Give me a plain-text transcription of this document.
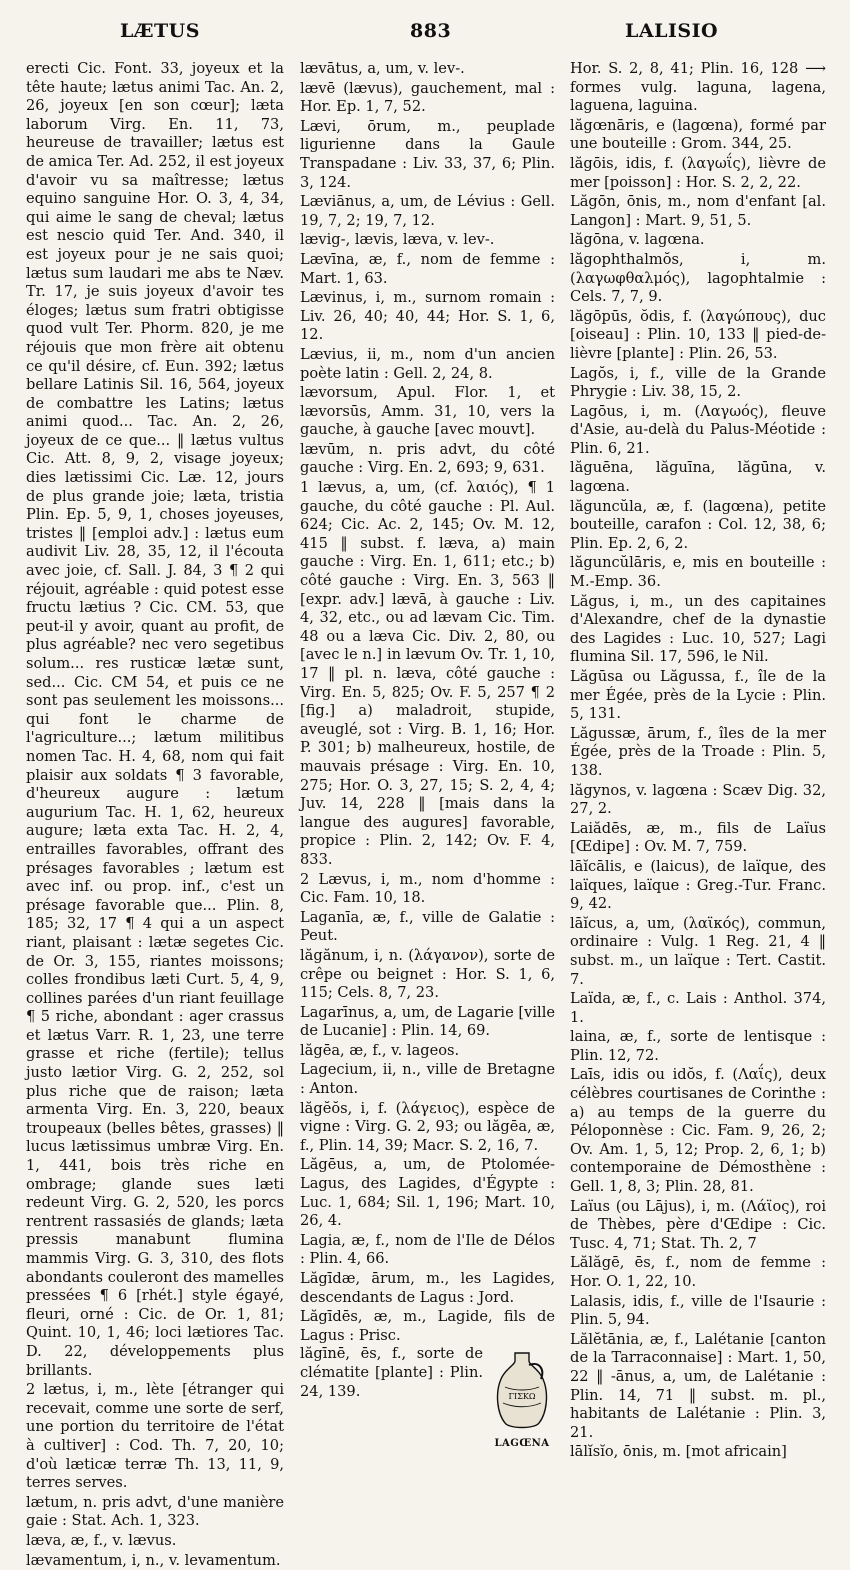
LÆTUS	883	LALISIO

erecti Cic. Font. 33, joyeux et la tête haute; lætus animi Tac. An. 2, 26, joyeux [en son cœur]; læta laborum Virg. En. 11, 73, heureuse de travailler; lætus est de amica Ter. Ad. 252, il est joyeux d'avoir vu sa maîtresse; lætus equino sanguine Hor. O. 3, 4, 34, qui aime le sang de cheval; lætus est nescio quid Ter. And. 340, il est joyeux pour je ne sais quoi; lætus sum laudari me abs te Næv. Tr. 17, je suis joyeux d'avoir tes éloges; lætus sum fratri obtigisse quod vult Ter. Phorm. 820, je me réjouis que mon frère ait obtenu ce qu'il désire, cf. Eun. 392; lætus bellare Latinis Sil. 16, 564, joyeux de combattre les Latins; lætus animi quod... Tac. An. 2, 26, joyeux de ce que... ‖ lætus vultus Cic. Att. 8, 9, 2, visage joyeux; dies lætissimi Cic. Læ. 12, jours de plus grande joie; læta, tristia Plin. Ep. 5, 9, 1, choses joyeuses, tristes ‖ [emploi adv.] : lætus eum audivit Liv. 28, 35, 12, il l'écouta avec joie, cf. Sall. J. 84, 3 ¶ 2 qui réjouit, agréable : quid potest esse fructu lætius ? Cic. CM. 53, que peut-il y avoir, quant au profit, de plus agréable? nec vero segetibus solum... res rusticæ lætæ sunt, sed... Cic. CM 54, et puis ce ne sont pas seulement les moissons... qui font le charme de l'agriculture...; lætum militibus nomen Tac. H. 4, 68, nom qui fait plaisir aux soldats ¶ 3 favorable, d'heureux augure : lætum augurium Tac. H. 1, 62, heureux augure; læta exta Tac. H. 2, 4, entrailles favorables, offrant des présages favorables ; lætum est avec inf. ou prop. inf., c'est un présage favorable que... Plin. 8, 185; 32, 17 ¶ 4 qui a un aspect riant, plaisant : lætæ segetes Cic. de Or. 3, 155, riantes moissons; colles frondibus læti Curt. 5, 4, 9, collines parées d'un riant feuillage ¶ 5 riche, abondant : ager crassus et lætus Varr. R. 1, 23, une terre grasse et riche (fertile); tellus justo lætior Virg. G. 2, 252, sol plus riche que de raison; læta armenta Virg. En. 3, 220, beaux troupeaux (belles bêtes, grasses) ‖ lucus lætissimus umbræ Virg. En. 1, 441, bois très riche en ombrage; glande sues læti redeunt Virg. G. 2, 520, les porcs rentrent rassasiés de glands; læta pressis manabunt flumina mammis Virg. G. 3, 310, des flots abondants couleront des mamelles pressées ¶ 6 [rhét.] style égayé, fleuri, orné : Cic. de Or. 1, 81; Quint. 10, 1, 46; loci lætiores Tac. D. 22, développements plus brillants.

2 lætus, i, m., lète [étranger qui recevait, comme une sorte de serf, une portion du territoire de l'état à cultiver] : Cod. Th. 7, 20, 10; d'où læticæ terræ Th. 13, 11, 9, terres serves.

lætum, n. pris advt, d'une manière gaie : Stat. Ach. 1, 323.

læva, æ, f., v. lævus.

lævamentum, i, n., v. levamentum.

lævātus, a, um, v. lev-.

lævē (lævus), gauchement, mal : Hor. Ep. 1, 7, 52.

Lævi, ōrum, m., peuplade ligurienne dans la Gaule Transpadane : Liv. 33, 37, 6; Plin. 3, 124.

Læviānus, a, um, de Lévius : Gell. 19, 7, 2; 19, 7, 12.

lævig-, lævis, læva, v. lev-.

Lævīna, æ, f., nom de femme : Mart. 1, 63.

Lævinus, i, m., surnom romain : Liv. 26, 40; 40, 44; Hor. S. 1, 6, 12.

Lævius, ii, m., nom d'un ancien poète latin : Gell. 2, 24, 8.

lævorsum, Apul. Flor. 1, et lævorsūs, Amm. 31, 10, vers la gauche, à gauche [avec mouvt].

lævūm, n. pris advt, du côté gauche : Virg. En. 2, 693; 9, 631.

1 lævus, a, um, (cf. λαιός), ¶ 1 gauche, du côté gauche : Pl. Aul. 624; Cic. Ac. 2, 145; Ov. M. 12, 415 ‖ subst. f. læva, a) main gauche : Virg. En. 1, 611; etc.; b) côté gauche : Virg. En. 3, 563 ‖ [expr. adv.] lævā, à gauche : Liv. 4, 32, etc., ou ad lævam Cic. Tim. 48 ou a læva Cic. Div. 2, 80, ou [avec le n.] in lævum Ov. Tr. 1, 10, 17 ‖ pl. n. læva, côté gauche : Virg. En. 5, 825; Ov. F. 5, 257 ¶ 2 [fig.] a) maladroit, stupide, aveuglé, sot : Virg. B. 1, 16; Hor. P. 301; b) malheureux, hostile, de mauvais présage : Virg. En. 10, 275; Hor. O. 3, 27, 15; S. 2, 4, 4; Juv. 14, 228 ‖ [mais dans la langue des augures] favorable, propice : Plin. 2, 142; Ov. F. 4, 833.

2 Lævus, i, m., nom d'homme : Cic. Fam. 10, 18.

Laganīa, æ, f., ville de Galatie : Peut.

lăgănum, i, n. (λάγανον), sorte de crêpe ou beignet : Hor. S. 1, 6, 115; Cels. 8, 7, 23.

Lagarīnus, a, um, de Lagarie [ville de Lucanie] : Plin. 14, 69.

lăgēa, æ, f., v. lageos.

Lagecium, ii, n., ville de Bretagne : Anton.

lăgĕŏs, i, f. (λάγειος), espèce de vigne : Virg. G. 2, 93; ou lăgēa, æ, f., Plin. 14, 39; Macr. S. 2, 16, 7.

Lăgēus, a, um, de Ptolomée-Lagus, des Lagides, d'Égypte : Luc. 1, 684; Sil. 1, 196; Mart. 10, 26, 4.

Lagia, æ, f., nom de l'Ile de Délos : Plin. 4, 66.

Lăgīdæ, ārum, m., les Lagides, descendants de Lagus : Jord.

Lăgīdēs, æ, m., Lagide, fils de Lagus : Prisc.

ΓΙΣΚΩ
LAGŒNA

lăgīnē, ēs, f., sorte de clématite [plante] : Plin. 24, 139.

Hor. S. 2, 8, 41; Plin. 16, 128 ⟶ formes vulg. laguna, lagena, laguena, laguina.

lăgœnāris, e (lagœna), formé par une bouteille : Grom. 344, 25.

lăgōis, idis, f. (λαγωΐς), lièvre de mer [poisson] : Hor. S. 2, 2, 22.

Lăgōn, ōnis, m., nom d'enfant [al. Langon] : Mart. 9, 51, 5.

lăgōna, v. lagœna.

lăgophthalmŏs, i, m. (λαγωφθαλμός), lagophtalmie : Cels. 7, 7, 9.

lăgōpūs, ŏdis, f. (λαγώπους), duc [oiseau] : Plin. 10, 133 ‖ pied-de-lièvre [plante] : Plin. 26, 53.

Lagŏs, i, f., ville de la Grande Phrygie : Liv. 38, 15, 2.

Lagōus, i, m. (Λαγωός), fleuve d'Asie, au-delà du Palus-Méotide : Plin. 6, 21.

lăguēna, lăguīna, lăgūna, v. lagœna.

lăguncŭla, æ, f. (lagœna), petite bouteille, carafon : Col. 12, 38, 6; Plin. Ep. 2, 6, 2.

lăguncŭlāris, e, mis en bouteille : M.-Emp. 36.

Lăgus, i, m., un des capitaines d'Alexandre, chef de la dynastie des Lagides : Luc. 10, 527; Lagi flumina Sil. 17, 596, le Nil.

Lăgūsa ou Lăgussa, f., île de la mer Égée, près de la Lycie : Plin. 5, 131.

Lăgussæ, ārum, f., îles de la mer Égée, près de la Troade : Plin. 5, 138.

lăgynos, v. lagœna : Scæv Dig. 32, 27, 2.

Laiădēs, æ, m., fils de Laïus [Œdipe] : Ov. M. 7, 759.

lāĭcālis, e (laicus), de laïque, des laïques, laïque : Greg.-Tur. Franc. 9, 42.

lāĭcus, a, um, (λαϊκός), commun, ordinaire : Vulg. 1 Reg. 21, 4 ‖ subst. m., un laïque : Tert. Castit. 7.

Laïda, æ, f., c. Lais : Anthol. 374, 1.

laina, æ, f., sorte de lentisque : Plin. 12, 72.

Laīs, idis ou idŏs, f. (Λαΐς), deux célèbres courtisanes de Corinthe : a) au temps de la guerre du Péloponnèse : Cic. Fam. 9, 26, 2; Ov. Am. 1, 5, 12; Prop. 2, 6, 1; b) contemporaine de Démosthène : Gell. 1, 8, 3; Plin. 28, 81.

Laïus (ou Lājus), i, m. (Λάϊος), roi de Thèbes, père d'Œdipe : Cic. Tusc. 4, 71; Stat. Th. 2, 7

Lălăgē, ēs, f., nom de femme : Hor. O. 1, 22, 10.

Lalasis, idis, f., ville de l'Isaurie : Plin. 5, 94.

Lălĕtānia, æ, f., Lalétanie [canton de la Tarraconnaise] : Mart. 1, 50, 22 ‖ -ānus, a, um, de Lalétanie : Plin. 14, 71 ‖ subst. m. pl., habitants de Lalétanie : Plin. 3, 21.

lālĭsĭo, ōnis, m. [mot africain]
